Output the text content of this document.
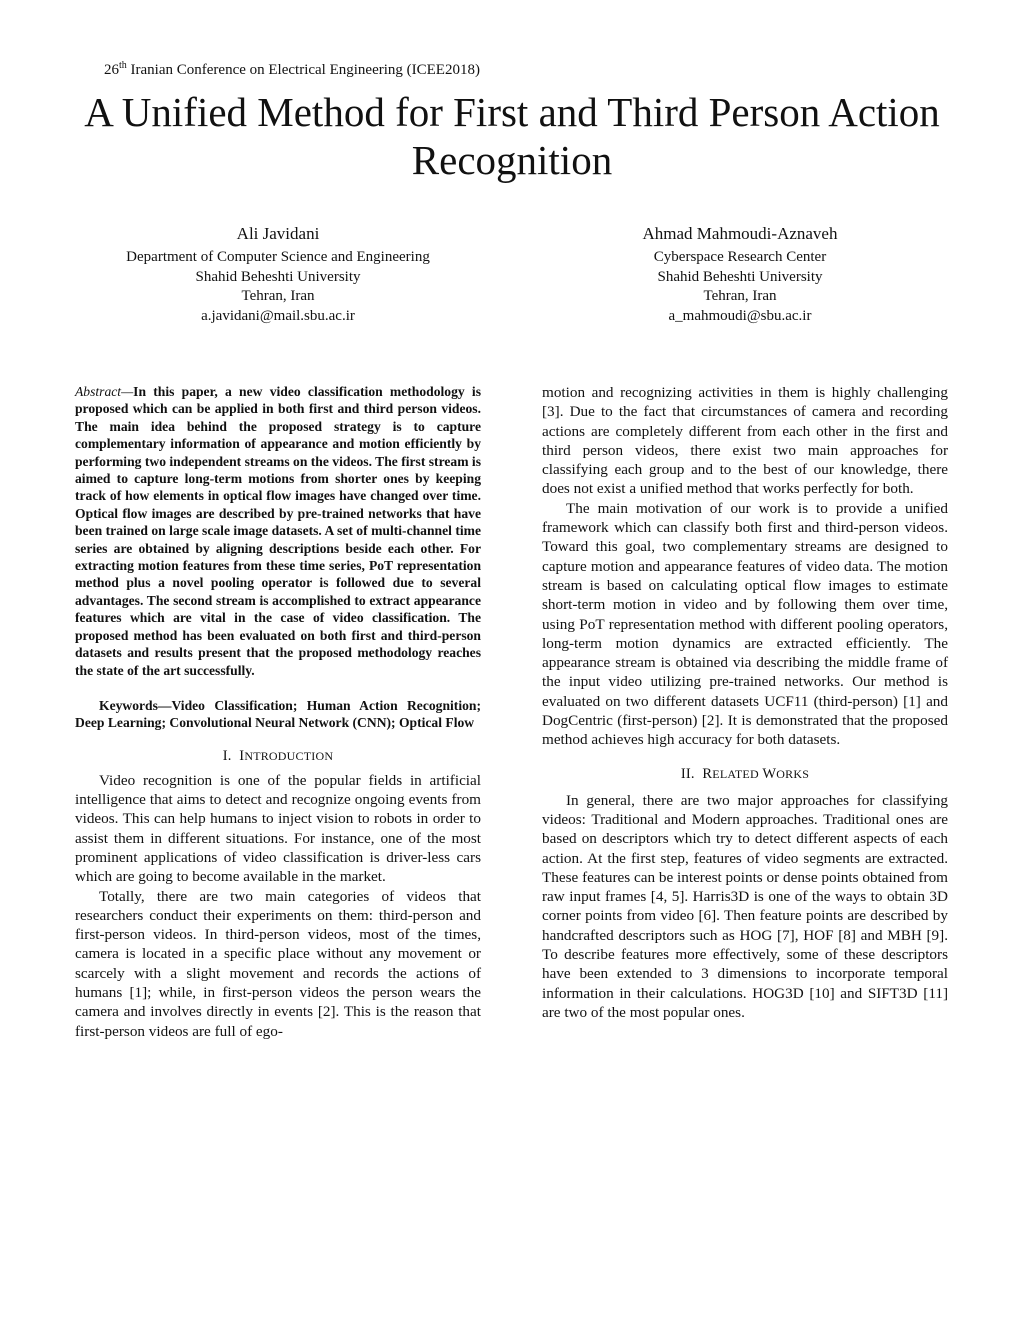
26th Iranian Conference on Electrical Engineering (ICEE2018)
A Unified Method for First and Third Person Action Recognition
Ali Javidani
Department of Computer Science and Engineering
Shahid Beheshti University
Tehran, Iran
a.javidani@mail.sbu.ac.ir
Ahmad Mahmoudi-Aznaveh
Cyberspace Research Center
Shahid Beheshti University
Tehran, Iran
a_mahmoudi@sbu.ac.ir

Abstract—In this paper, a new video classification methodology is proposed which can be applied in both first and third person videos. The main idea behind the proposed strategy is to capture complementary information of appearance and motion efficiently by performing two independent streams on the videos. The first stream is aimed to capture long-term motions from shorter ones by keeping track of how elements in optical flow images have changed over time. Optical flow images are described by pre-trained networks that have been trained on large scale image datasets. A set of multi-channel time series are obtained by aligning descriptions beside each other. For extracting motion features from these time series, PoT representation method plus a novel pooling operator is followed due to several advantages. The second stream is accomplished to extract appearance features which are vital in the case of video classification. The proposed method has been evaluated on both first and third-person datasets and results present that the proposed methodology reaches the state of the art successfully.

Keywords—Video Classification; Human Action Recognition; Deep Learning; Convolutional Neural Network (CNN); Optical Flow

I. INTRODUCTION

Video recognition is one of the popular fields in artificial intelligence that aims to detect and recognize ongoing events from videos. This can help humans to inject vision to robots in order to assist them in different situations. For instance, one of the most prominent applications of video classification is driver-less cars which are going to become available in the market.

Totally, there are two main categories of videos that researchers conduct their experiments on them: third-person and first-person videos. In third-person videos, most of the times, camera is located in a specific place without any movement or scarcely with a slight movement and records the actions of humans [1]; while, in first-person videos the person wears the camera and involves directly in events [2]. This is the reason that first-person videos are full of ego-

motion and recognizing activities in them is highly challenging [3]. Due to the fact that circumstances of camera and recording actions are completely different from each other in the first and third person videos, there exist two main approaches for classifying each group and to the best of our knowledge, there does not exist a unified method that works perfectly for both.

The main motivation of our work is to provide a unified framework which can classify both first and third-person videos. Toward this goal, two complementary streams are designed to capture motion and appearance features of video data. The motion stream is based on calculating optical flow images to estimate short-term motion in video and by following them over time, using PoT representation method with different pooling operators, long-term motion dynamics are extracted efficiently. The appearance stream is obtained via describing the middle frame of the input video utilizing pre-trained networks. Our method is evaluated on two different datasets UCF11 (third-person) [1] and DogCentric (first-person) [2]. It is demonstrated that the proposed method achieves high accuracy for both datasets.

II. RELATED WORKS

In general, there are two major approaches for classifying videos: Traditional and Modern approaches. Traditional ones are based on descriptors which try to detect different aspects of each action. At the first step, features of video segments are extracted. These features can be interest points or dense points obtained from raw input frames [4, 5]. Harris3D is one of the ways to obtain 3D corner points from video [6]. Then feature points are described by handcrafted descriptors such as HOG [7], HOF [8] and MBH [9]. To describe features more effectively, some of these descriptors have been extended to 3 dimensions to incorporate temporal information in their calculations. HOG3D [10] and SIFT3D [11] are two of the most popular ones.
